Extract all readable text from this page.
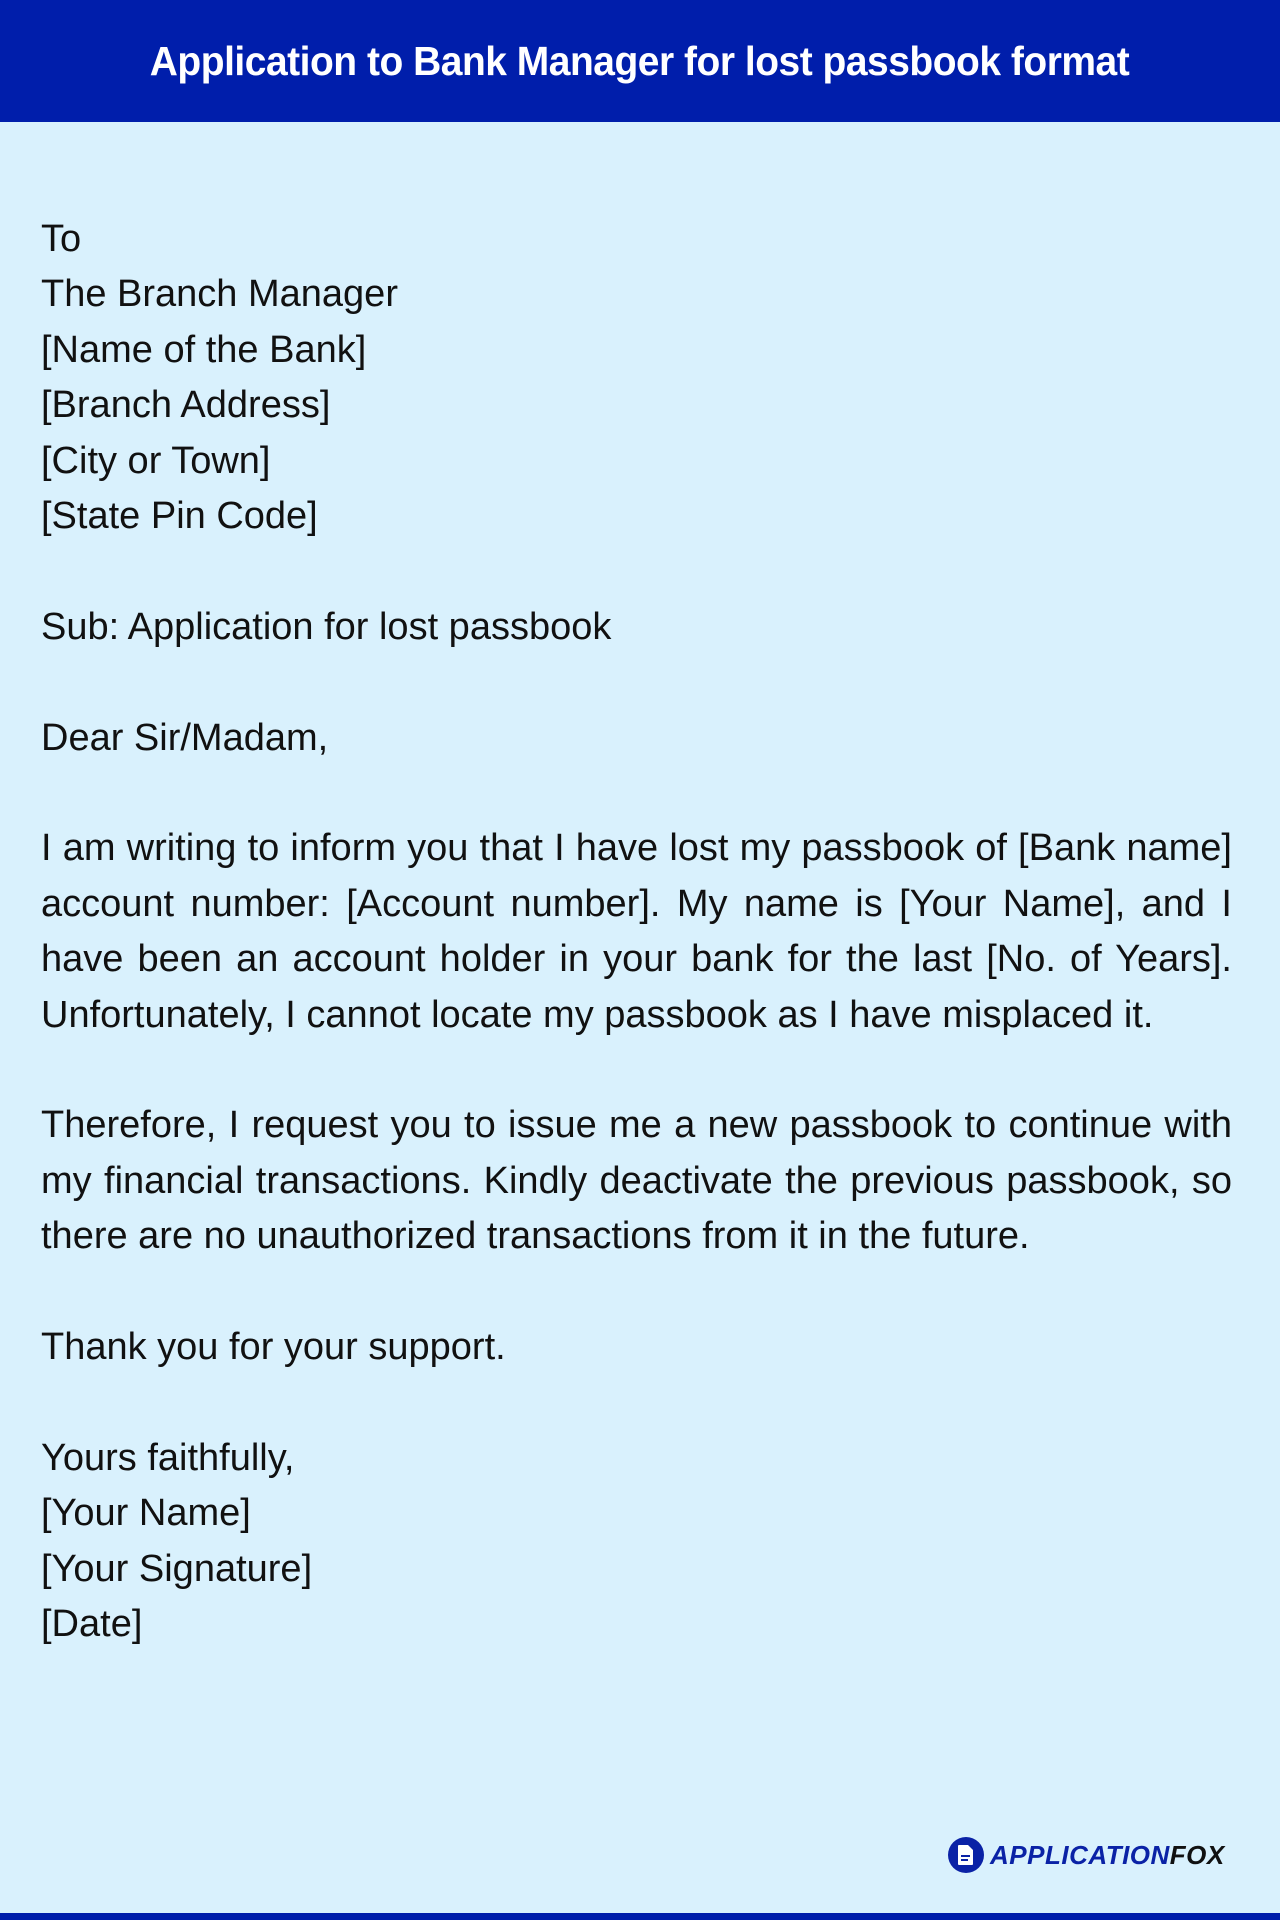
Application to Bank Manager for lost passbook format
To
The Branch Manager
[Name of the Bank]
[Branch Address]
[City or Town]
[State Pin Code]
Sub: Application for lost passbook
Dear Sir/Madam,
I am writing to inform you that I have lost my passbook of [Bank name] account number: [Account number]. My name is [Your Name], and I have been an account holder in your bank for the last [No. of Years]. Unfortunately, I cannot locate my passbook as I have misplaced it.
Therefore, I request you to issue me a new passbook to continue with my financial transactions. Kindly deactivate the previous passbook, so there are no unauthorized transactions from it in the future.
Thank you for your support.
Yours faithfully,
[Your Name]
[Your Signature]
[Date]
APPLICATIONFOX
